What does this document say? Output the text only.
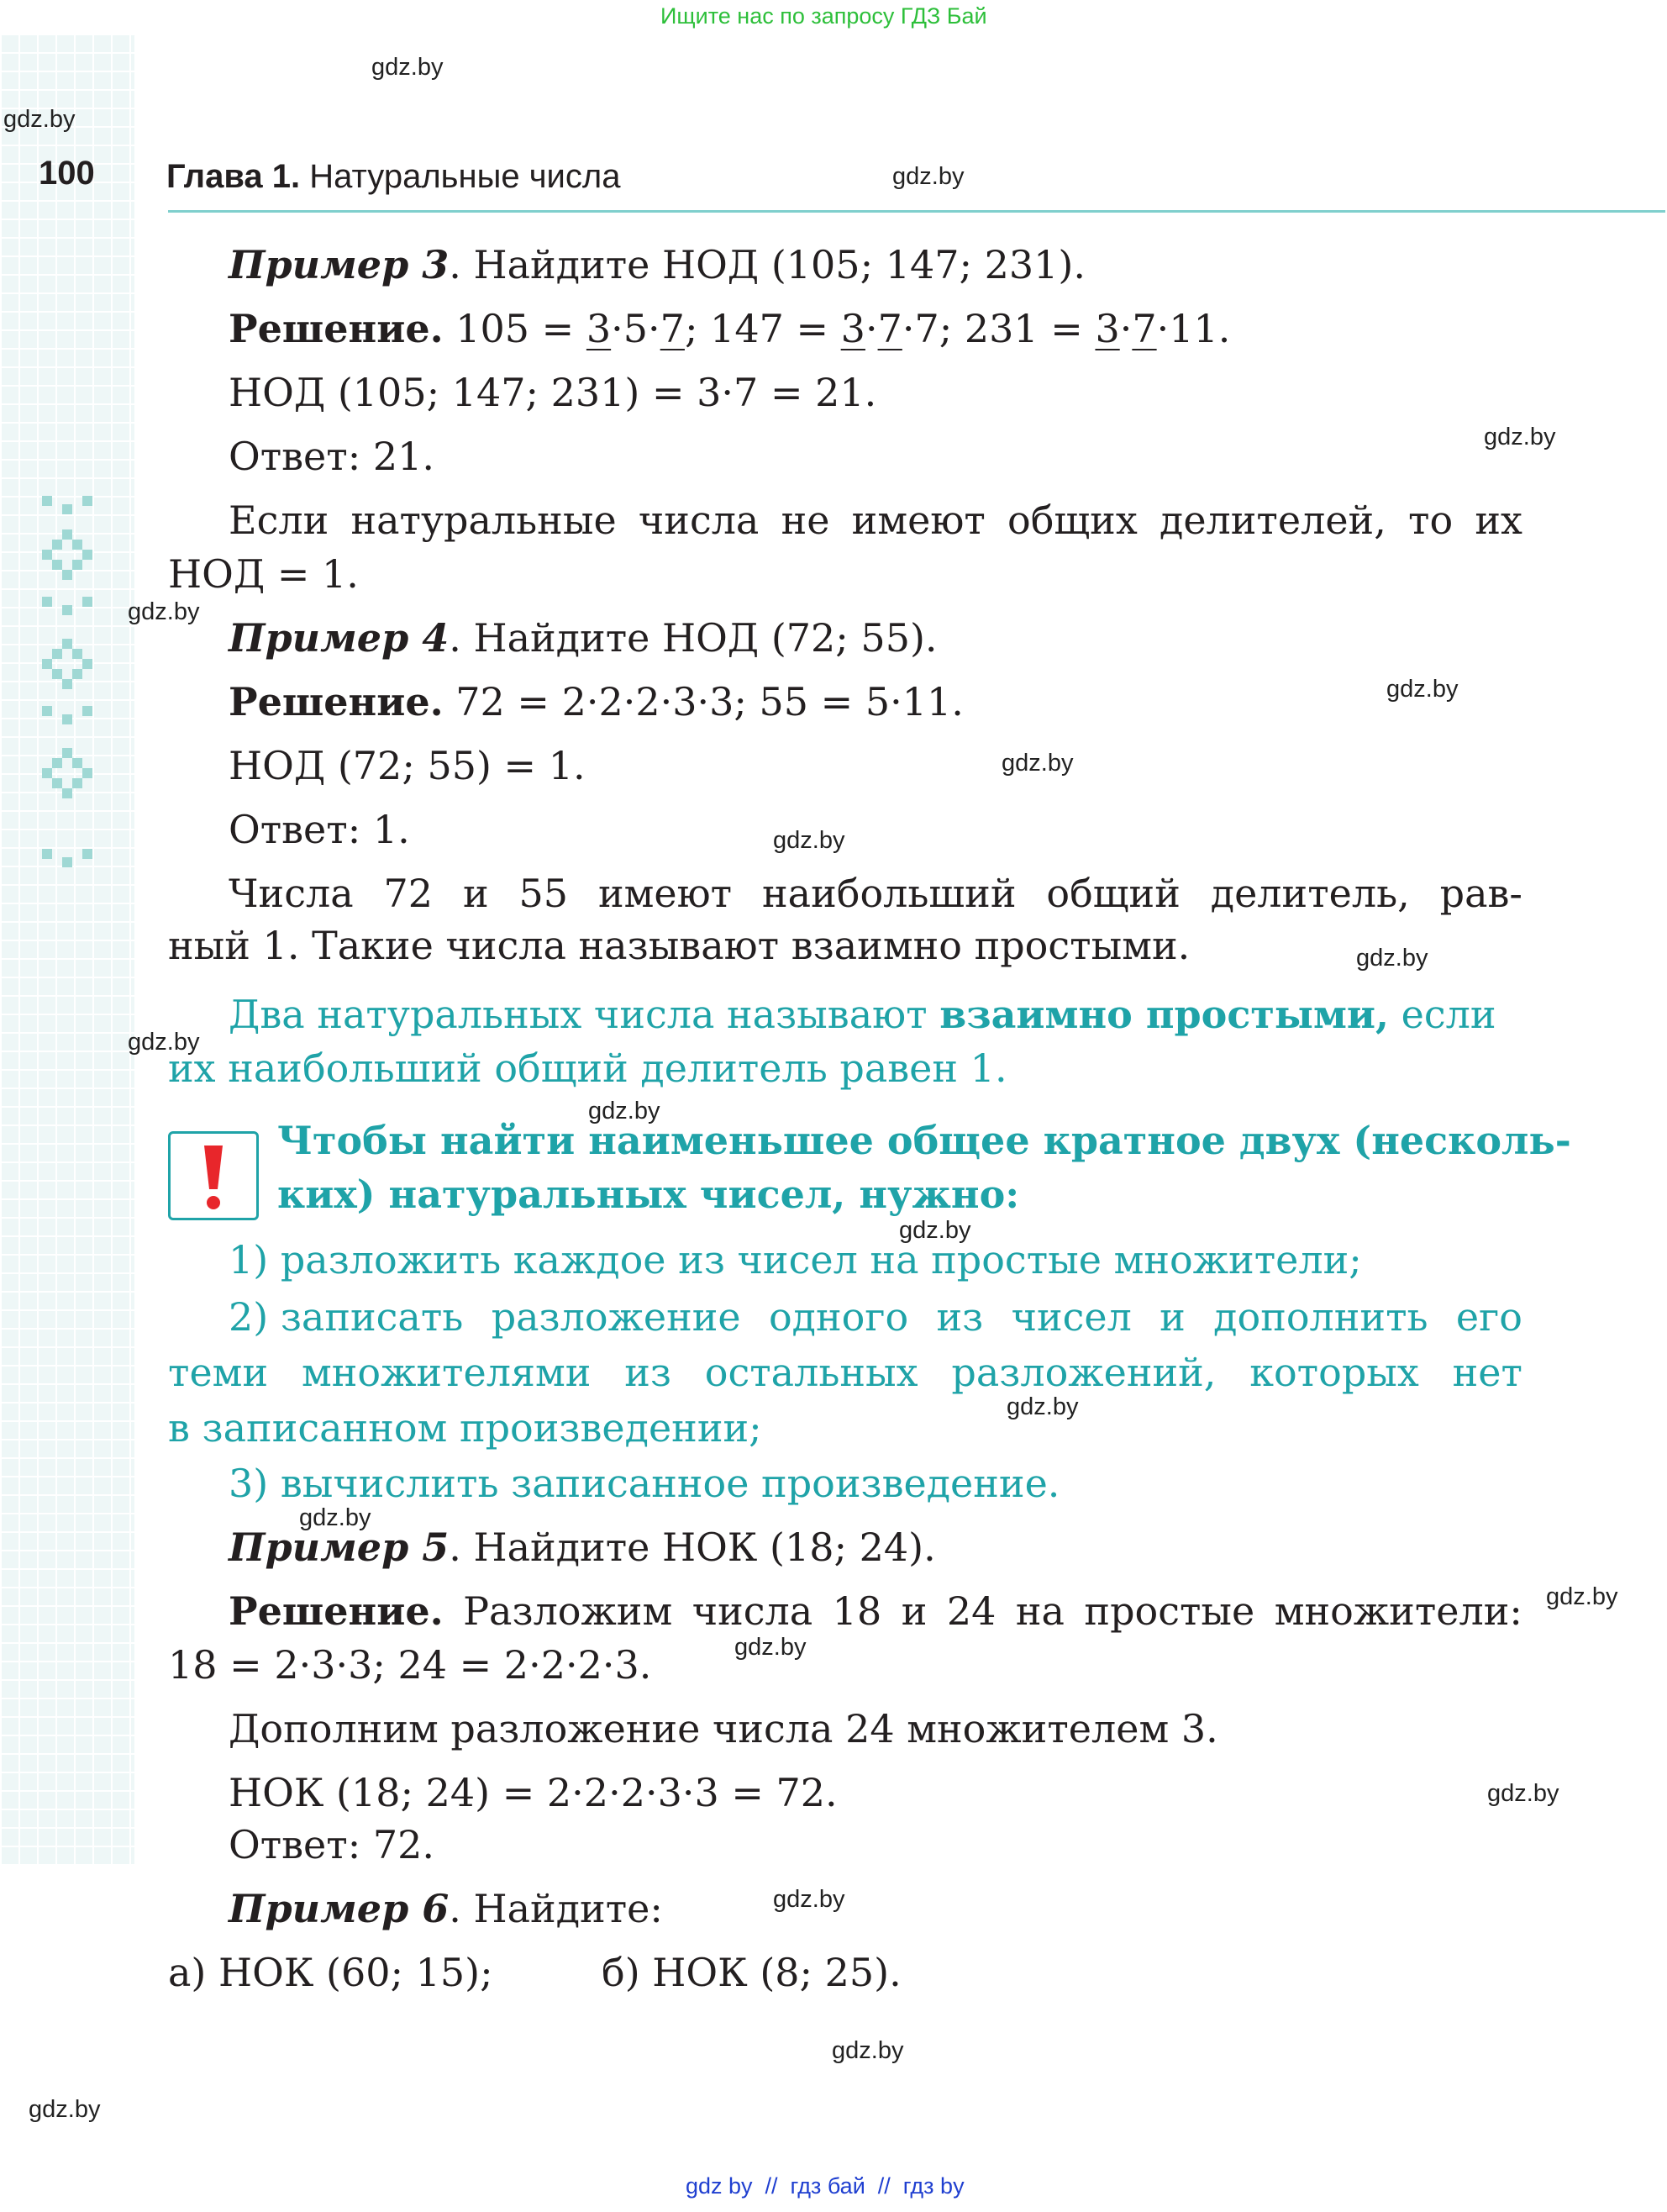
Ищите нас по запросу ГДЗ Бай
gdz.by
gdz.by
gdz.by
gdz.by
gdz.by
gdz.by
gdz.by
gdz.by
gdz.by
gdz.by
gdz.by
gdz.by
gdz.by
gdz.by
gdz.by
gdz.by
gdz.by
gdz.by
gdz.by
gdz.by
100 Глава 1. Натуральные числа
Пример 3. Найдите НОД (105; 147; 231).
Решение. 105 = 3·5·7; 147 = 3·7·7; 231 = 3·7·11.
НОД (105; 147; 231) = 3·7 = 21.
Ответ: 21.
Если натуральные числа не имеют общих делителей, то их
НОД = 1.
Пример 4. Найдите НОД (72; 55).
Решение. 72 = 2·2·2·3·3; 55 = 5·11.
НОД (72; 55) = 1.
Ответ: 1.
Числа 72 и 55 имеют наибольший общий делитель, рав-
ный 1. Такие числа называют взаимно простыми.
Два натуральных числа называют взаимно простыми, если
их наибольший общий делитель равен 1.
Чтобы найти наименьшее общее кратное двух (несколь-
ких) натуральных чисел, нужно:
1) разложить каждое из чисел на простые множители;
2) записать разложение одного из чисел и дополнить его
теми множителями из остальных разложений, которых нет
в записанном произведении;
3) вычислить записанное произведение.
Пример 5. Найдите НОК (18; 24).
Решение. Разложим числа 18 и 24 на простые множители:
18 = 2·3·3; 24 = 2·2·2·3.
Дополним разложение числа 24 множителем 3.
НОК (18; 24) = 2·2·2·3·3 = 72.
Ответ: 72.
Пример 6. Найдите:
а) НОК (60; 15);	б) НОК (8; 25).
gdz by  //  гдз бай  //  гдз by
